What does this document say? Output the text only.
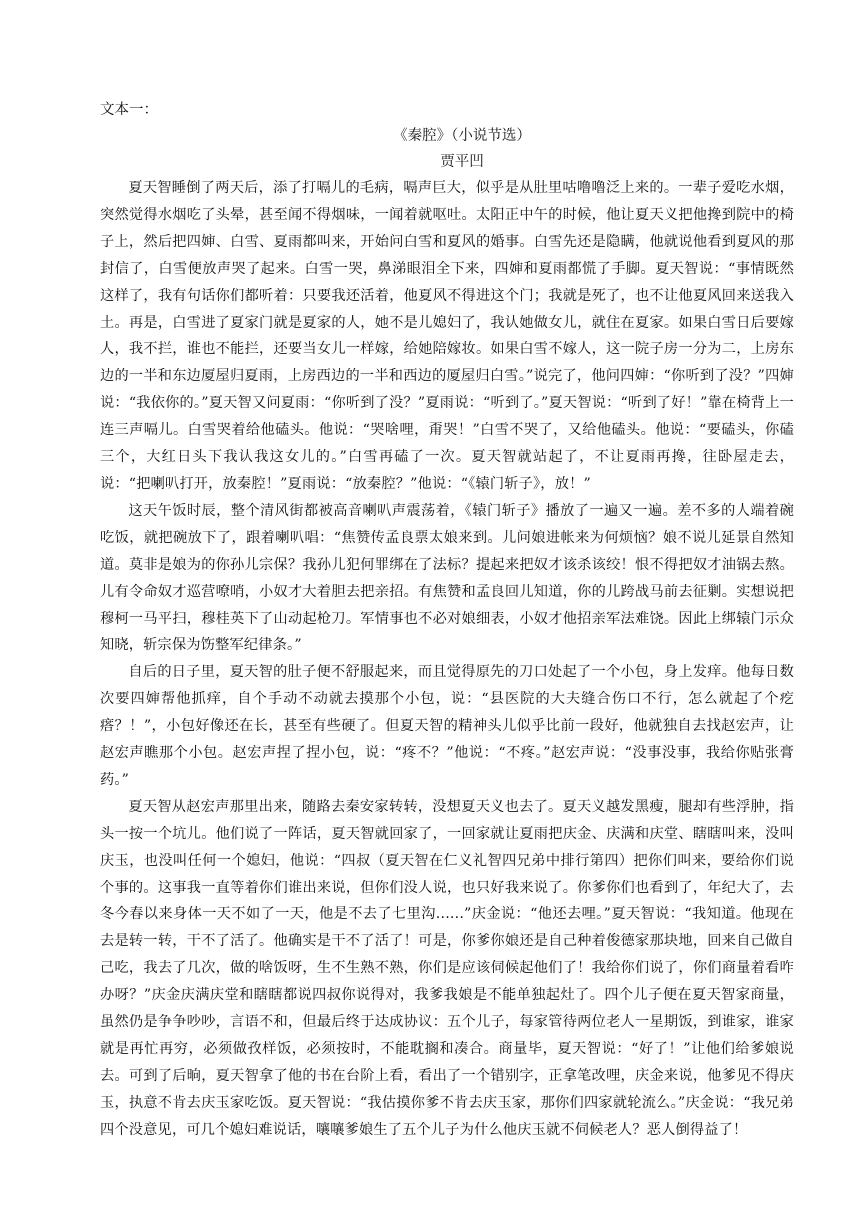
文本一：

《秦腔》（小说节选）

贾平凹

夏天智睡倒了两天后，添了打嗝儿的毛病，嗝声巨大，似乎是从肚里咕噜噜泛上来的。一辈子爱吃水烟，突然觉得水烟吃了头晕，甚至闻不得烟味，一闻着就呕吐。太阳正中午的时候，他让夏天义把他搀到院中的椅子上，然后把四婶、白雪、夏雨都叫来，开始问白雪和夏风的婚事。白雪先还是隐瞒，他就说他看到夏风的那封信了，白雪便放声哭了起来。白雪一哭，鼻涕眼泪全下来，四婶和夏雨都慌了手脚。夏天智说：“事情既然这样了，我有句话你们都听着：只要我还活着，他夏风不得进这个门；我就是死了，也不让他夏风回来送我入土。再是，白雪进了夏家门就是夏家的人，她不是儿媳妇了，我认她做女儿，就住在夏家。如果白雪日后要嫁人，我不拦，谁也不能拦，还要当女儿一样嫁，给她陪嫁妆。如果白雪不嫁人，这一院子房一分为二，上房东边的一半和东边厦屋归夏雨，上房西边的一半和西边的厦屋归白雪。”说完了，他问四婶：“你听到了没？”四婶说：“我依你的。”夏天智又问夏雨：“你听到了没？”夏雨说：“听到了。”夏天智说：“听到了好！”靠在椅背上一连三声嗝儿。白雪哭着给他磕头。他说：“哭啥哩，甭哭！”白雪不哭了，又给他磕头。他说：“要磕头，你磕三个，大红日头下我认我这女儿的。”白雪再磕了一次。夏天智就站起了，不让夏雨再搀，往卧屋走去，说：“把喇叭打开，放秦腔！”夏雨说：“放秦腔？”他说：“《辕门斩子》，放！”

这天午饭时辰，整个清风街都被高音喇叭声震荡着，《辕门斩子》播放了一遍又一遍。差不多的人端着碗吃饭，就把碗放下了，跟着喇叭唱：“焦赞传孟良票太娘来到。儿问娘进帐来为何烦恼？娘不说儿延景自然知道。莫非是娘为的你孙儿宗保？我孙儿犯何罪绑在了法标？提起来把奴才该杀该绞！恨不得把奴才油锅去熬。儿有令命奴才巡营嘹哨，小奴才大着胆去把亲招。有焦赞和孟良回儿知道，你的儿跨战马前去征剿。实想说把穆柯一马平扫，穆桂英下了山动起枪刀。军情事也不必对娘细表，小奴才他招亲军法难饶。因此上绑辕门示众知晓，斩宗保为饬整军纪律条。”

自后的日子里，夏天智的肚子便不舒服起来，而且觉得原先的刀口处起了一个小包，身上发痒。他每日数次要四婶帮他抓痒，自个手动不动就去摸那个小包，说：“县医院的大夫缝合伤口不行，怎么就起了个疙瘩？！”，小包好像还在长，甚至有些硬了。但夏天智的精神头儿似乎比前一段好，他就独自去找赵宏声，让赵宏声瞧那个小包。赵宏声捏了捏小包，说：“疼不？”他说：“不疼。”赵宏声说：“没事没事，我给你贴张膏药。”

夏天智从赵宏声那里出来，随路去秦安家转转，没想夏天义也去了。夏天义越发黑瘦，腿却有些浮肿，指头一按一个坑儿。他们说了一阵话，夏天智就回家了，一回家就让夏雨把庆金、庆满和庆堂、瞎瞎叫来，没叫庆玉，也没叫任何一个媳妇，他说：“四叔（夏天智在仁义礼智四兄弟中排行第四）把你们叫来，要给你们说个事的。这事我一直等着你们谁出来说，但你们没人说，也只好我来说了。你爹你们也看到了，年纪大了，去冬今春以来身体一天不如了一天，他是不去了七里沟......”庆金说：“他还去哩。”夏天智说：“我知道。他现在去是转一转，干不了活了。他确实是干不了活了！可是，你爹你娘还是自己种着俊德家那块地，回来自己做自己吃，我去了几次，做的啥饭呀，生不生熟不熟，你们是应该伺候起他们了！我给你们说了，你们商量着看咋办呀？”庆金庆满庆堂和瞎瞎都说四叔你说得对，我爹我娘是不能单独起灶了。四个儿子便在夏天智家商量，虽然仍是争争吵吵，言语不和，但最后终于达成协议：五个儿子，每家管待两位老人一星期饭，到谁家，谁家就是再忙再穷，必须做孜样饭，必须按时，不能耽搁和凑合。商量毕，夏天智说：“好了！”让他们给爹娘说去。可到了后晌，夏天智拿了他的书在台阶上看，看出了一个错别字，正拿笔改哩，庆金来说，他爹见不得庆玉，执意不肯去庆玉家吃饭。夏天智说：“我估摸你爹不肯去庆玉家，那你们四家就轮流么。”庆金说：“我兄弟四个没意见，可几个媳妇难说话，嚷嚷爹娘生了五个儿子为什么他庆玉就不伺候老人？恶人倒得益了！
